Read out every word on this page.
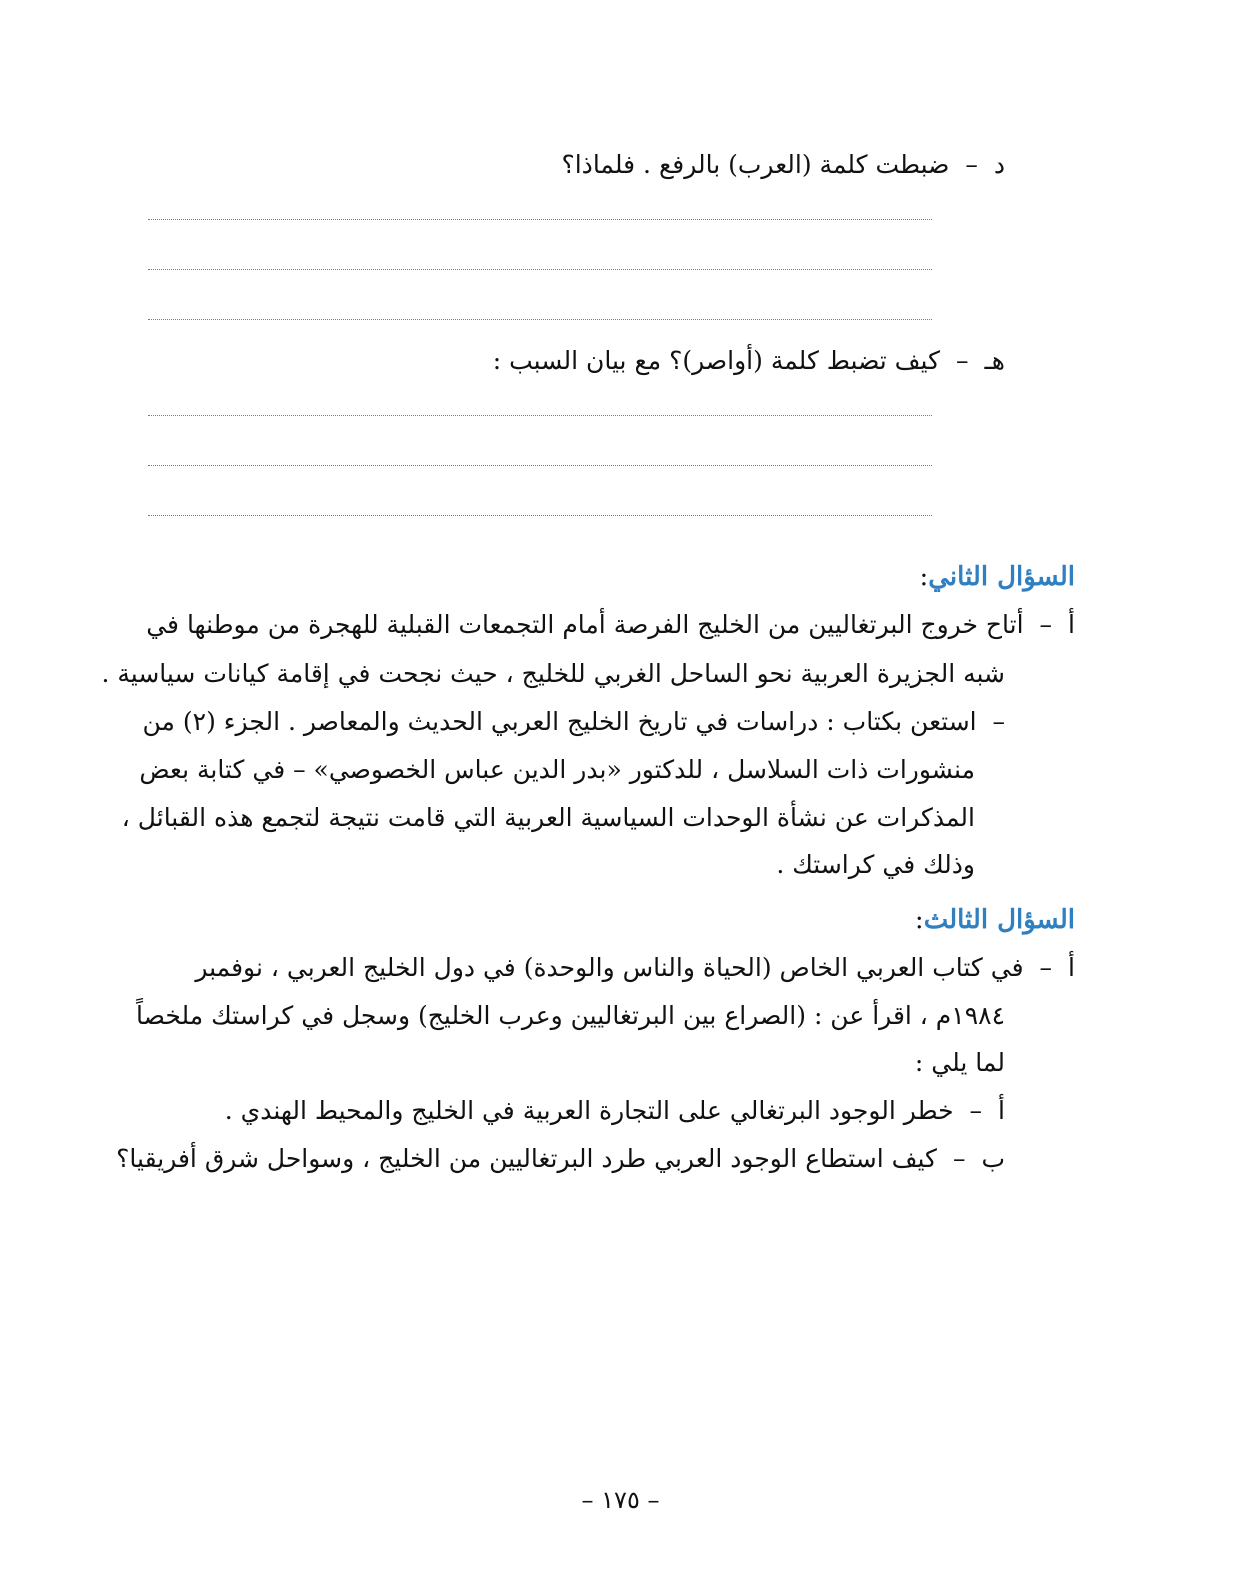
د–ضبطت كلمة (العرب) بالرفع . فلماذا؟
هـ–كيف تضبط كلمة (أواصر)؟ مع بيان السبب :
السؤال الثاني:
أ–أتاح خروج البرتغاليين من الخليج الفرصة أمام التجمعات القبلية للهجرة من موطنها في
شبه الجزيرة العربية نحو الساحل الغربي للخليج ، حيث نجحت في إقامة كيانات سياسية .
–  استعن بكتاب : دراسات في تاريخ الخليج العربي الحديث والمعاصر . الجزء (٢) من
منشورات ذات السلاسل ، للدكتور «بدر الدين عباس الخصوصي» – في كتابة بعض
المذكرات عن نشأة الوحدات السياسية العربية التي قامت نتيجة لتجمع هذه القبائل ،
وذلك في كراستك .
السؤال الثالث:
أ–في كتاب العربي الخاص (الحياة والناس والوحدة) في دول الخليج العربي ، نوفمبر
١٩٨٤م ، اقرأ عن : (الصراع بين البرتغاليين وعرب الخليج) وسجل في كراستك ملخصاً
لما يلي :
أ–خطر الوجود البرتغالي على التجارة العربية في الخليج والمحيط الهندي .
ب–كيف استطاع الوجود العربي طرد البرتغاليين من الخليج ، وسواحل شرق أفريقيا؟
– ١٧٥ –
